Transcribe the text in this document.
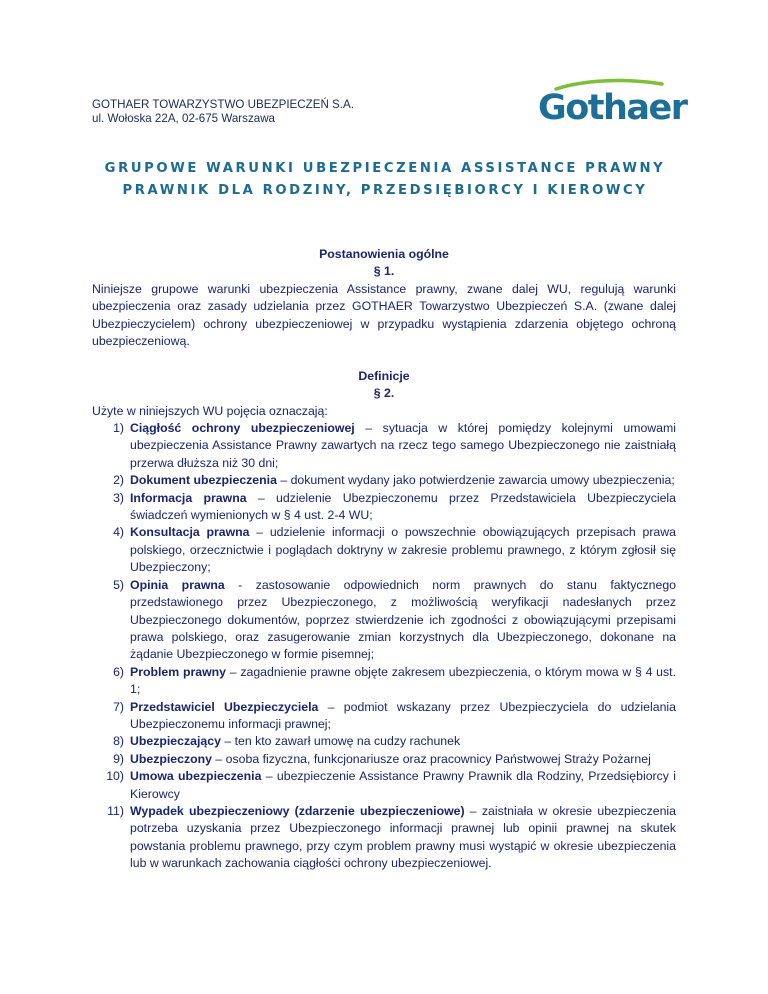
GOTHAER TOWARZYSTWO UBEZPIECZEŃ S.A.
ul. Wołoska 22A, 02-675 Warszawa	Gothaer
GRUPOWE WARUNKI UBEZPIECZENIA ASSISTANCE PRAWNY
PRAWNIK DLA RODZINY, PRZEDSIĘBIORCY I KIEROWCY
Postanowienia ogólne
§ 1.
Niniejsze grupowe warunki ubezpieczenia Assistance prawny, zwane dalej WU, regulują warunki ubezpieczenia oraz zasady udzielania przez GOTHAER Towarzystwo Ubezpieczeń S.A. (zwane dalej Ubezpieczycielem) ochrony ubezpieczeniowej w przypadku wystąpienia zdarzenia objętego ochroną ubezpieczeniową.
Definicje
§ 2.
Użyte w niniejszych WU pojęcia oznaczają:
1) Ciągłość ochrony ubezpieczeniowej – sytuacja w której pomiędzy kolejnymi umowami ubezpieczenia Assistance Prawny zawartych na rzecz tego samego Ubezpieczonego nie zaistniałą przerwa dłuższa niż 30 dni;
2) Dokument ubezpieczenia – dokument wydany jako potwierdzenie zawarcia umowy ubezpieczenia;
3) Informacja prawna – udzielenie Ubezpieczonemu przez Przedstawiciela Ubezpieczyciela świadczeń wymienionych w § 4 ust. 2-4 WU;
4) Konsultacja prawna – udzielenie informacji o powszechnie obowiązujących przepisach prawa polskiego, orzecznictwie i poglądach doktryny w zakresie problemu prawnego, z którym zgłosił się Ubezpieczony;
5) Opinia prawna - zastosowanie odpowiednich norm prawnych do stanu faktycznego przedstawionego przez Ubezpieczonego, z możliwością weryfikacji nadesłanych przez Ubezpieczonego dokumentów, poprzez stwierdzenie ich zgodności z obowiązującymi przepisami prawa polskiego, oraz zasugerowanie zmian korzystnych dla Ubezpieczonego, dokonane na żądanie Ubezpieczonego w formie pisemnej;
6) Problem prawny – zagadnienie prawne objęte zakresem ubezpieczenia, o którym mowa w § 4 ust. 1;
7) Przedstawiciel Ubezpieczyciela – podmiot wskazany przez Ubezpieczyciela do udzielania Ubezpieczonemu informacji prawnej;
8) Ubezpieczający – ten kto zawarł umowę na cudzy rachunek
9) Ubezpieczony – osoba fizyczna, funkcjonariusze oraz pracownicy Państwowej Straży Pożarnej
10) Umowa ubezpieczenia – ubezpieczenie Assistance Prawny Prawnik dla Rodziny, Przedsiębiorcy i Kierowcy
11) Wypadek ubezpieczeniowy (zdarzenie ubezpieczeniowe) – zaistniała w okresie ubezpieczenia potrzeba uzyskania przez Ubezpieczonego informacji prawnej lub opinii prawnej na skutek powstania problemu prawnego, przy czym problem prawny musi wystąpić w okresie ubezpieczenia lub w warunkach zachowania ciągłości ochrony ubezpieczeniowej.
